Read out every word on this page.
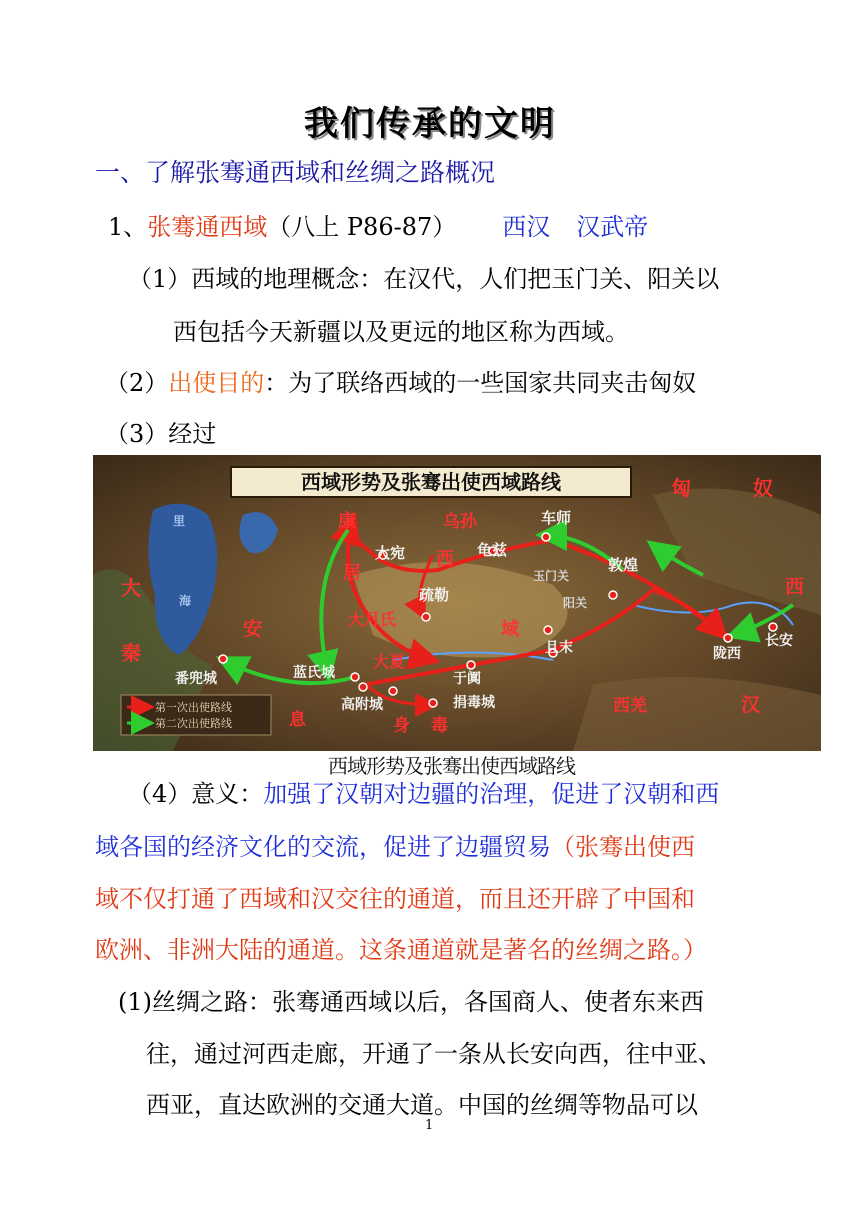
我们传承的文明
一、了解张骞通西域和丝绸之路概况
1、张骞通西域（八上 P86-87） 西汉 汉武帝
（1）西域的地理概念：在汉代，人们把玉门关、阳关以
西包括今天新疆以及更远的地区称为西域。
（2）出使目的：为了联络西域的一些国家共同夹击匈奴
（3）经过
西域形势及张骞出使西域路线
康	乌孙	车师
匈	奴
大宛 西 龟兹
敦煌
玉门关
居
疏勒	阳关
西
大
秦
安	域
大月氏
长安
陇西
且末
大夏
于阗
番兜城	蓝氏城
高附城	捐毒城	西羌	汉
息	身 毒
里
海
第一次出使路线
第二次出使路线
西域形势及张骞出使西域路线
（4）意义：加强了汉朝对边疆的治理，促进了汉朝和西
域各国的经济文化的交流，促进了边疆贸易（张骞出使西
域不仅打通了西域和汉交往的通道，而且还开辟了中国和
欧洲、非洲大陆的通道。这条通道就是著名的丝绸之路。）
(1)丝绸之路：张骞通西域以后，各国商人、使者东来西
往，通过河西走廊，开通了一条从长安向西，往中亚、
西亚，直达欧洲的交通大道。中国的丝绸等物品可以
1
